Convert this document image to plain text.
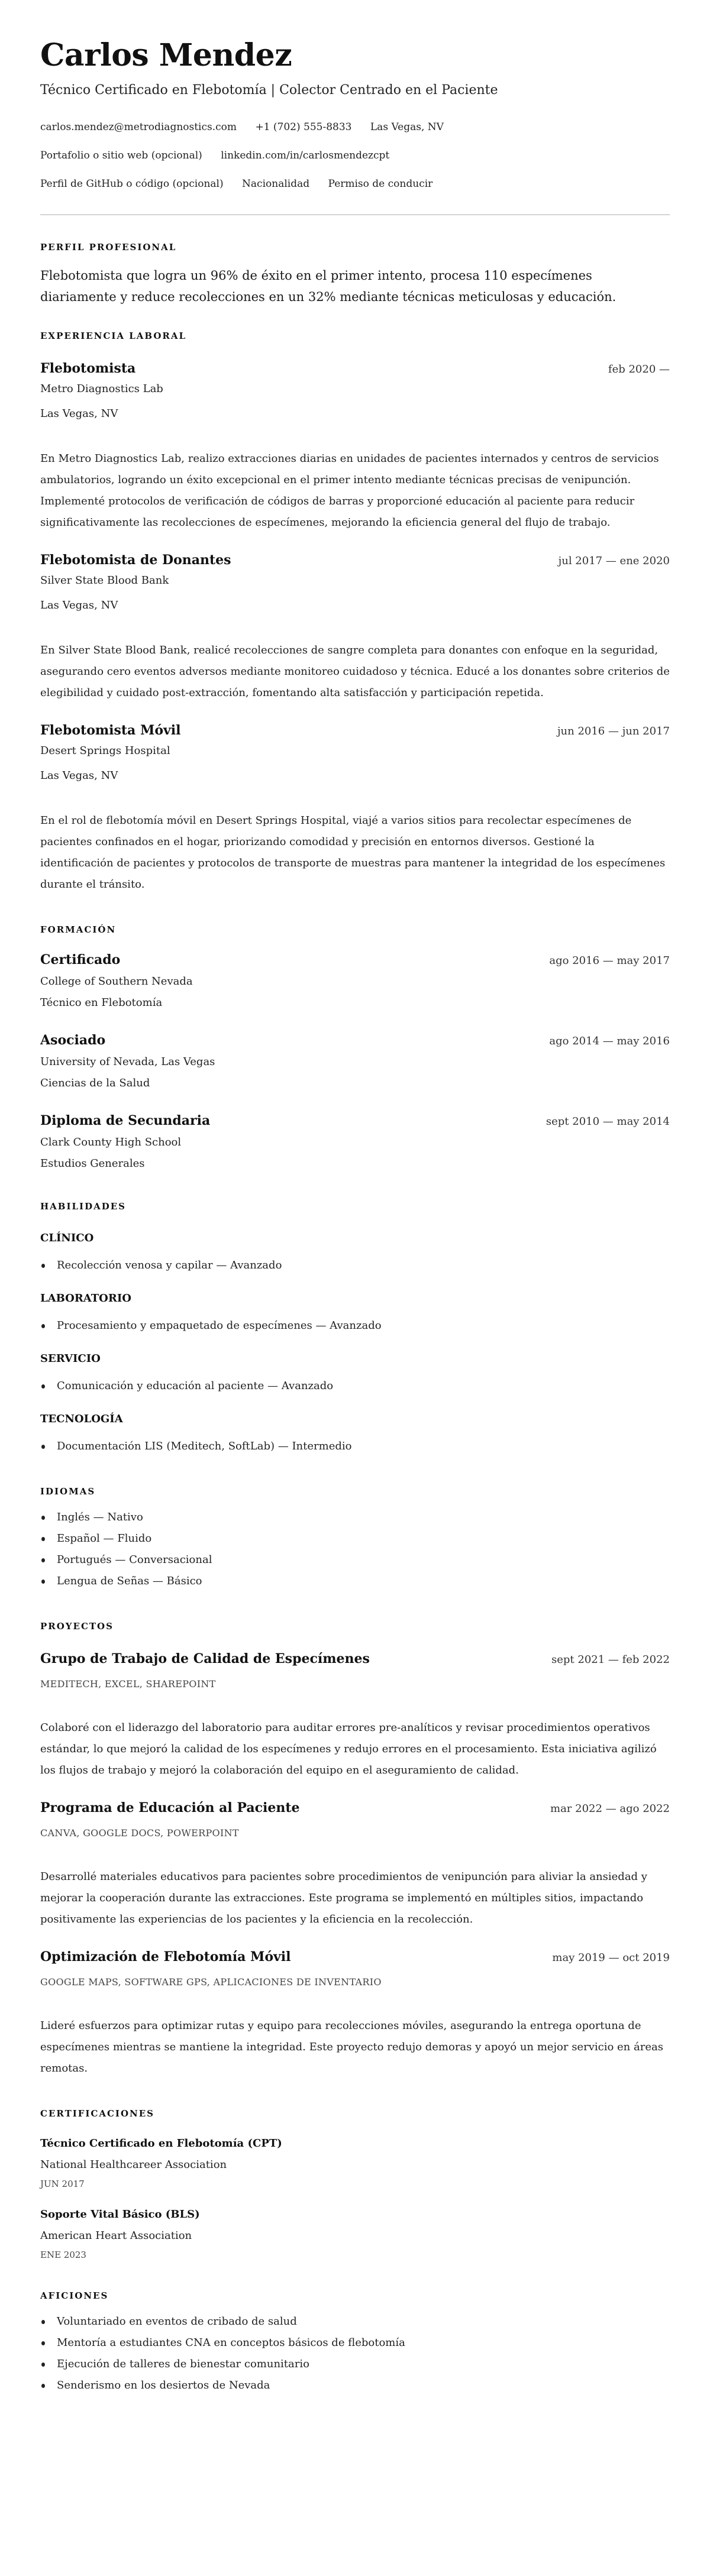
Carlos Mendez
Técnico Certificado en Flebotomía | Colector Centrado en el Paciente
carlos.mendez@metrodiagnostics.com +1 (702) 555-8833 Las Vegas, NV
Portafolio o sitio web (opcional) linkedin.com/in/carlosmendezcpt
Perfil de GitHub o código (opcional) Nacionalidad Permiso de conducir
PERFIL PROFESIONAL

Flebotomista que logra un 96% de éxito en el primer intento, procesa 110 especímenes diariamente y reduce recolecciones en un 32% mediante técnicas meticulosas y educación.

EXPERIENCIA LABORAL
Flebotomista	feb 2020 —
Metro Diagnostics Lab
Las Vegas, NV
En Metro Diagnostics Lab, realizo extracciones diarias en unidades de pacientes internados y centros de servicios ambulatorios, logrando un éxito excepcional en el primer intento mediante técnicas precisas de venipunción. Implementé protocolos de verificación de códigos de barras y proporcioné educación al paciente para reducir significativamente las recolecciones de especímenes, mejorando la eficiencia general del flujo de trabajo.
Flebotomista de Donantes	jul 2017 — ene 2020
Silver State Blood Bank
Las Vegas, NV
En Silver State Blood Bank, realicé recolecciones de sangre completa para donantes con enfoque en la seguridad, asegurando cero eventos adversos mediante monitoreo cuidadoso y técnica. Educé a los donantes sobre criterios de elegibilidad y cuidado post-extracción, fomentando alta satisfacción y participación repetida.
Flebotomista Móvil	jun 2016 — jun 2017
Desert Springs Hospital
Las Vegas, NV
En el rol de flebotomía móvil en Desert Springs Hospital, viajé a varios sitios para recolectar especímenes de pacientes confinados en el hogar, priorizando comodidad y precisión en entornos diversos. Gestioné la identificación de pacientes y protocolos de transporte de muestras para mantener la integridad de los especímenes durante el tránsito.
FORMACIÓN
Certificado	ago 2016 — may 2017
College of Southern Nevada
Técnico en Flebotomía
Asociado	ago 2014 — may 2016
University of Nevada, Las Vegas
Ciencias de la Salud
Diploma de Secundaria	sept 2010 — may 2014
Clark County High School
Estudios Generales
HABILIDADES
CLÍNICO
Recolección venosa y capilar — Avanzado
LABORATORIO
Procesamiento y empaquetado de especímenes — Avanzado
SERVICIO
Comunicación y educación al paciente — Avanzado
TECNOLOGÍA
Documentación LIS (Meditech, SoftLab) — Intermedio
IDIOMAS
Inglés — Nativo
Español — Fluido
Portugués — Conversacional
Lengua de Señas — Básico
PROYECTOS
Grupo de Trabajo de Calidad de Especímenes	sept 2021 — feb 2022
MEDITECH, EXCEL, SHAREPOINT
Colaboré con el liderazgo del laboratorio para auditar errores pre-analíticos y revisar procedimientos operativos estándar, lo que mejoró la calidad de los especímenes y redujo errores en el procesamiento. Esta iniciativa agilizó los flujos de trabajo y mejoró la colaboración del equipo en el aseguramiento de calidad.
Programa de Educación al Paciente	mar 2022 — ago 2022
CANVA, GOOGLE DOCS, POWERPOINT
Desarrollé materiales educativos para pacientes sobre procedimientos de venipunción para aliviar la ansiedad y mejorar la cooperación durante las extracciones. Este programa se implementó en múltiples sitios, impactando positivamente las experiencias de los pacientes y la eficiencia en la recolección.
Optimización de Flebotomía Móvil	may 2019 — oct 2019
GOOGLE MAPS, SOFTWARE GPS, APLICACIONES DE INVENTARIO
Lideré esfuerzos para optimizar rutas y equipo para recolecciones móviles, asegurando la entrega oportuna de especímenes mientras se mantiene la integridad. Este proyecto redujo demoras y apoyó un mejor servicio en áreas remotas.
CERTIFICACIONES
Técnico Certificado en Flebotomía (CPT)
National Healthcareer Association
JUN 2017
Soporte Vital Básico (BLS)
American Heart Association
ENE 2023
AFICIONES
Voluntariado en eventos de cribado de salud
Mentoría a estudiantes CNA en conceptos básicos de flebotomía
Ejecución de talleres de bienestar comunitario
Senderismo en los desiertos de Nevada
